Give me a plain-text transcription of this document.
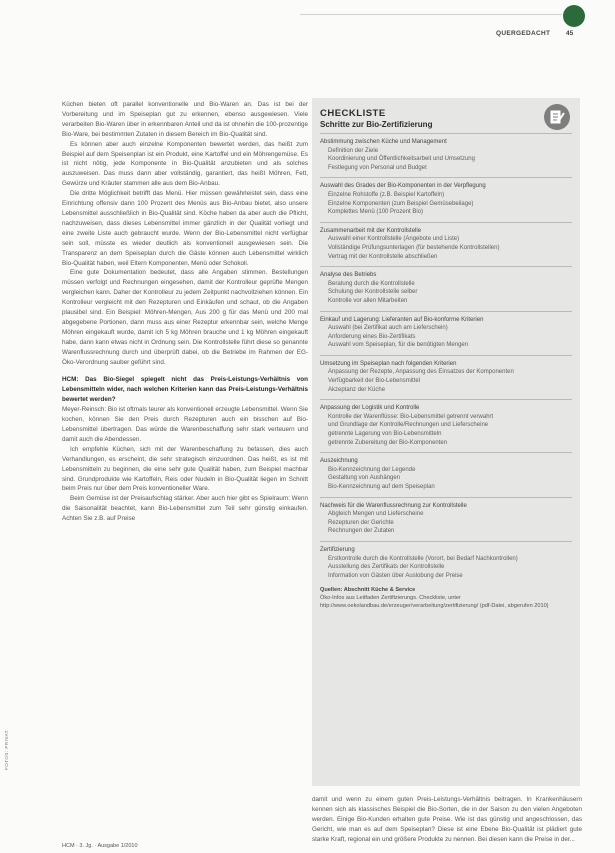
QUERGEDACHT 45

Küchen bieten oft parallel konventionelle und Bio-Waren an. Das ist bei der Vorbereitung und im Speiseplan gut zu erkennen, ebenso ausgewiesen. Viele verarbeiten Bio-Waren über in erkennbaren Anteil und da ist ohnehin die 100-prozentige Bio-Ware, bei bestimmten Zutaten in diesem Bereich im Bio-Qualität sind.

Es können aber auch einzelne Komponenten bewertet werden, das heißt zum Beispiel auf dem Speisenplan ist ein Produkt, eine Kartoffel und ein Möhrengemüse. Es ist nicht nötig, jede Komponente in Bio-Qualität anzubieten und als solches auszuweisen. Das muss dann aber vollständig, garantiert, das heißt Möhren, Fett, Gewürze und Kräuter stammen alle aus dem Bio-Anbau.

Die dritte Möglichkeit betrifft das Menü. Hier müssen gewährleistet sein, dass eine Einrichtung offensiv dann 100 Prozent des Menüs aus Bio-Anbau bietet, also unsere Lebensmittel ausschließlich in Bio-Qualität sind. Köche haben da aber auch die Pflicht, nachzuweisen, dass dieses Lebensmittel immer gänzlich in der Qualität vorliegt und eine zweite Liste auch gebraucht wurde. Wenn der Bio-Lebensmittel nicht verfügbar sein soll, müsste es wieder deutlich als konventionell ausgewiesen sein. Die Transparenz an dem Speiseplan durch die Gäste können auch Lebensmittel wirklich Bio-Qualität haben, weil Eltern Komponenten, Menü oder Schokoli.

Eine gute Dokumentation bedeutet, dass alle Angaben stimmen. Bestellungen müssen verfolgt und Rechnungen eingesehen, damit der Kontrolleur geprüfte Mengen vergleichen kann. Daher der Kontrolleur zu jedem Zeitpunkt nachvollziehen können. Ein Kontrolleur vergleicht mit den Rezepturen und Einkäufen und schaut, ob die Angaben plausibel sind. Ein Beispiel: Möhren-Mengen, Aus 200 g für das Menü und 200 mal abgegebene Portionen, dann muss aus einer Rezeptur erkennbar sein, welche Menge Möhren eingekauft wurde, damit ich 5 kg Möhren brauche und 1 kg Möhren eingekauft habe, dann kann etwas nicht in Ordnung sein. Die Kontrollstelle führt diese so genannte Warenflussrechnung durch und überprüft dabei, ob die Betriebe im Rahmen der EG-Öko-Verordnung sauber geführt sind.

HCM: Das Bio-Siegel spiegelt nicht das Preis-Leistungs-Verhältnis von Lebensmitteln wider, nach welchen Kriterien kann das Preis-Leistungs-Verhältnis bewertet werden?

Meyer-Reinsch: Bio ist oftmals teurer als konventionell erzeugte Lebensmittel. Wenn Sie kochen, können Sie den Preis durch Rezepturen auch ein bisschen auf Bio-Lebensmittel übertragen. Das würde die Warenbeschaffung sehr stark verteuern und damit auch die Abendessen.

Ich empfehle Küchen, sich mit der Warenbeschaffung zu befassen, dies auch Verhandlungen, es erscheint, die sehr strategisch einzuordnen. Das heißt, es ist mit Lebensmitteln zu beginnen, die eine sehr gute Qualität haben, zum Beispiel machbar sind. Grundprodukte wie Kartoffeln, Reis oder Nudeln in Bio-Qualität liegen im Schnitt beim Preis nur über dem Preis konventioneller Ware.

Beim Gemüse ist der Preisaufschlag stärker. Aber auch hier gibt es Spielraum: Wenn die Saisonalität beachtet, kann Bio-Lebensmittel zum Teil sehr günstig einkaufen. Achten Sie z.B. auf Preise

CHECKLISTE
Schritte zur Bio-Zertifizierung
Abstimmung zwischen Küche und Management
Definition der Ziele
Koordinierung und Öffentlichkeitsarbeit und Umsetzung
Festlegung von Personal und Budget
Auswahl des Grades der Bio-Komponenten in der Verpflegung
Einzelne Rohstoffe (z.B. Beispiel Kartoffeln)
Einzelne Komponenten (zum Beispiel Gemüsebeilage)
Komplettes Menü (100 Prozent Bio)
Zusammenarbeit mit der Kontrollstelle
Auswahl einer Kontrollstelle (Angebote und Liste)
Vollständige Prüfungsunterlagen (für bestehende Kontrollstellen)
Vertrag mit der Kontrollstelle abschließen
Analyse des Betriebs
Beratung durch die Kontrollstelle
Schulung der Kontrollstelle selber
Kontrolle vor allen Mitarbeiten
Einkauf und Lagerung: Lieferanten auf Bio-konforme Kriterien
Auswahl (bei Zertifikat auch am Lieferschein)
Anforderung eines Bio-Zertifikats
Auswahl vom Speiseplan, für die benötigten Mengen
Umsetzung im Speiseplan nach folgenden Kriterien
Anpassung der Rezepte, Anpassung des Einsatzes der Komponenten
Verfügbarkeit der Bio-Lebensmittel
Akzeptanz der Küche
Anpassung der Logistik und Kontrolle
Kontrolle der Warenflüsse: Bio-Lebensmittel getrennt verwahrt
und Grundlage der Kontrolle/Rechnungen und Lieferscheine
getrennte Lagerung von Bio-Lebensmitteln
getrennte Zubereitung der Bio-Komponenten
Auszeichnung
Bio-Kennzeichnung der Legende
Gestaltung von Aushängen
Bio-Kennzeichnung auf dem Speiseplan
Nachweis für die Warenflussrechnung zur Kontrollstelle
Abgleich Mengen und Lieferscheine
Rezepturen der Gerichte
Rechnungen der Zutaten
Zertifizierung
Erstkontrolle durch die Kontrollstelle (Vorort, bei Bedarf Nachkontrollen)
Ausstellung des Zertifikats der Kontrollstelle
Information von Gästen über Auslobung der Preise
Quellen: Abschnitt Küche & Service
Öko-Infos aus Leitfaden Zertifizierungs. Checkliste, unter http://www.oekolandbau.de/erzeuger/verarbeitung/zertifizierung/ (pdf-Datei, abgerufen 2010)

damit und wenn zu einem guten Preis-Leistungs-Verhältnis beitragen. In Krankenhäusern kennen sich als klassisches Beispiel die Bio-Sorten, die in der Saison zu den vielen Angeboten werden. Einige Bio-Kunden erhalten gute Preise. Wie ist das günstig und angeschlossen, das Gericht, wie man es auf dem Speiseplan? Diese ist eine Ebene Bio-Qualität ist plädiert gute starke Kraft, regional ein und größere Produkte zu nennen. Bei diesen kann die Preise in der...

FOTOS: PRIVAT
HCM · 3. Jg. · Ausgabe 1/2010
